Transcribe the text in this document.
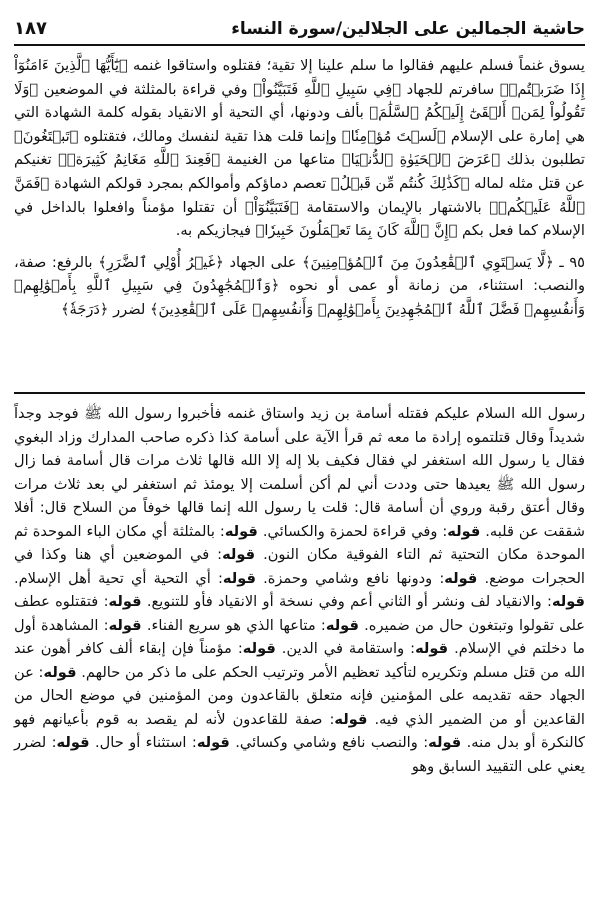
حاشية الجمالين على الجلالين/سورة النساء
١٨٧

يسوق غنماً فسلم عليهم فقالوا ما سلم علينا إلا تقية؛ فقتلوه واستاقوا غنمه ﴿يَٰٓأَيُّهَا ٱلَّذِينَ ءَامَنُوٓاْ إِذَا ضَرَبۡتُمۡ﴾ سافرتم للجهاد ﴿فِي سَبِيلِ ٱللَّهِ فَتَبَيَّنُواْ﴾ وفي قراءة بالمثلثة في الموضعين ﴿وَلَا تَقُولُواْ لِمَنۡ أَلۡقَىٰٓ إِلَيۡكُمُ ٱلسَّلَٰمَ﴾ بألف ودونها، أي التحية أو الانقياد بقوله كلمة الشهادة التي هي إمارة على الإسلام ﴿لَسۡتَ مُؤۡمِنٗا﴾ وإنما قلت هذا تقية لنفسك ومالك، فتقتلوه ﴿تَبۡتَغُونَ﴾ تطلبون بذلك ﴿عَرَضَ ٱلۡحَيَوٰةِ ٱلدُّنۡيَا﴾ متاعها من الغنيمة ﴿فَعِندَ ٱللَّهِ مَغَانِمُ كَثِيرَةٞ﴾ تغنيكم عن قتل مثله لماله ﴿كَذَٰلِكَ كُنتُم مِّن قَبۡلُ﴾ تعصم دماؤكم وأموالكم بمجرد قولكم الشهادة ﴿فَمَنَّ ٱللَّهُ عَلَيۡكُمۡ﴾ بالاشتهار بالإيمان والاستقامة ﴿فَتَبَيَّنُوٓاْ﴾ أن تقتلوا مؤمناً وافعلوا بالداخل في الإسلام كما فعل بكم ﴿إِنَّ ٱللَّهَ كَانَ بِمَا تَعۡمَلُونَ خَبِيرٗا﴾ فيجازيكم به.

٩٥ ـ ﴿لَّا يَسۡتَوِي ٱلۡقَٰعِدُونَ مِنَ ٱلۡمُؤۡمِنِينَ﴾ على الجهاد ﴿غَيۡرُ أُوْلِي ٱلضَّرَرِ﴾ بالرفع: صفة، والنصب: استثناء، من زمانة أو عمى أو نحوه ﴿وَٱلۡمُجَٰهِدُونَ فِي سَبِيلِ ٱللَّهِ بِأَمۡوَٰلِهِمۡ وَأَنفُسِهِمۡ فَضَّلَ ٱللَّهُ ٱلۡمُجَٰهِدِينَ بِأَمۡوَٰلِهِمۡ وَأَنفُسِهِمۡ عَلَى ٱلۡقَٰعِدِينَ﴾ لضرر ﴿دَرَجَةٗ﴾

رسول الله السلام عليكم فقتله أسامة بن زيد واستاق غنمه فأخبروا رسول الله ﷺ فوجد وجداً شديداً وقال قتلتموه إرادة ما معه ثم قرأ الآية على أسامة كذا ذكره صاحب المدارك وزاد البغوي فقال يا رسول الله استغفر لي فقال فكيف بلا إله إلا الله قالها ثلاث مرات قال أسامة فما زال رسول الله ﷺ يعيدها حتى وددت أني لم أكن أسلمت إلا يومئذ ثم استغفر لي بعد ثلاث مرات وقال أعتق رقبة وروي أن أسامة قال: قلت يا رسول الله إنما قالها خوفاً من السلاح قال: أفلا شققت عن قلبه. قوله: وفي قراءة لحمزة والكسائي. قوله: بالمثلثة أي مكان الباء الموحدة ثم الموحدة مكان التحتية ثم التاء الفوقية مكان النون. قوله: في الموضعين أي هنا وكذا في الحجرات موضع. قوله: ودونها نافع وشامي وحمزة. قوله: أي التحية أي تحية أهل الإسلام. قوله: والانقياد لف ونشر أو الثاني أعم وفي نسخة أو الانقياد فأو للتنويع. قوله: فتقتلوه عطف على تقولوا وتبتغون حال من ضميره. قوله: متاعها الذي هو سريع الفناء. قوله: المشاهدة أول ما دخلتم في الإسلام. قوله: واستقامة في الدين. قوله: مؤمناً فإن إبقاء ألف كافر أهون عند الله من قتل مسلم وتكريره لتأكيد تعظيم الأمر وترتيب الحكم على ما ذكر من حالهم. قوله: عن الجهاد حقه تقديمه على المؤمنين فإنه متعلق بالقاعدون ومن المؤمنين في موضع الحال من القاعدين أو من الضمير الذي فيه. قوله: صفة للقاعدون لأنه لم يقصد به قوم بأعيانهم فهو كالنكرة أو بدل منه. قوله: والنصب نافع وشامي وكسائي. قوله: استثناء أو حال. قوله: لضرر يعني على التقييد السابق وهو
